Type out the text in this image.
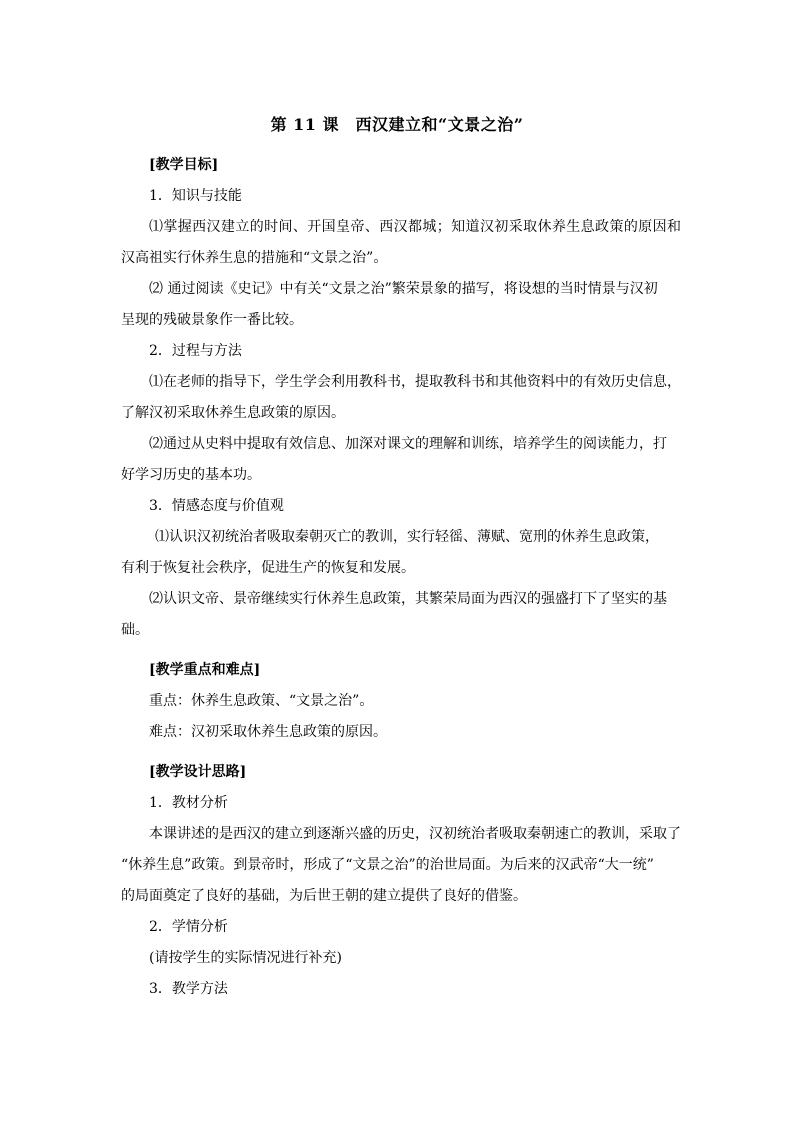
第 11 课　西汉建立和“文景之治”
[教学目标]
1．知识与技能
⑴掌握西汉建立的时间、开国皇帝、西汉都城；知道汉初采取休养生息政策的原因和
汉高祖实行休养生息的措施和“文景之治”。
⑵ 通过阅读《史记》中有关“文景之治”繁荣景象的描写，将设想的当时情景与汉初
呈现的残破景象作一番比较。
2．过程与方法
⑴在老师的指导下，学生学会利用教科书，提取教科书和其他资料中的有效历史信息，
了解汉初采取休养生息政策的原因。
⑵通过从史料中提取有效信息、加深对课文的理解和训练，培养学生的阅读能力，打
好学习历史的基本功。
3．情感态度与价值观
⑴认识汉初统治者吸取秦朝灭亡的教训，实行轻徭、薄赋、宽刑的休养生息政策，
有利于恢复社会秩序，促进生产的恢复和发展。
⑵认识文帝、景帝继续实行休养生息政策，其繁荣局面为西汉的强盛打下了坚实的基
础。
[教学重点和难点]
重点：休养生息政策、“文景之治”。
难点：汉初采取休养生息政策的原因。
[教学设计思路]
1．教材分析
本课讲述的是西汉的建立到逐渐兴盛的历史，汉初统治者吸取秦朝速亡的教训，采取了
“休养生息”政策。到景帝时，形成了“文景之治”的治世局面。为后来的汉武帝“大一统”
的局面奠定了良好的基础，为后世王朝的建立提供了良好的借鉴。
2．学情分析
(请按学生的实际情况进行补充)
3．教学方法
